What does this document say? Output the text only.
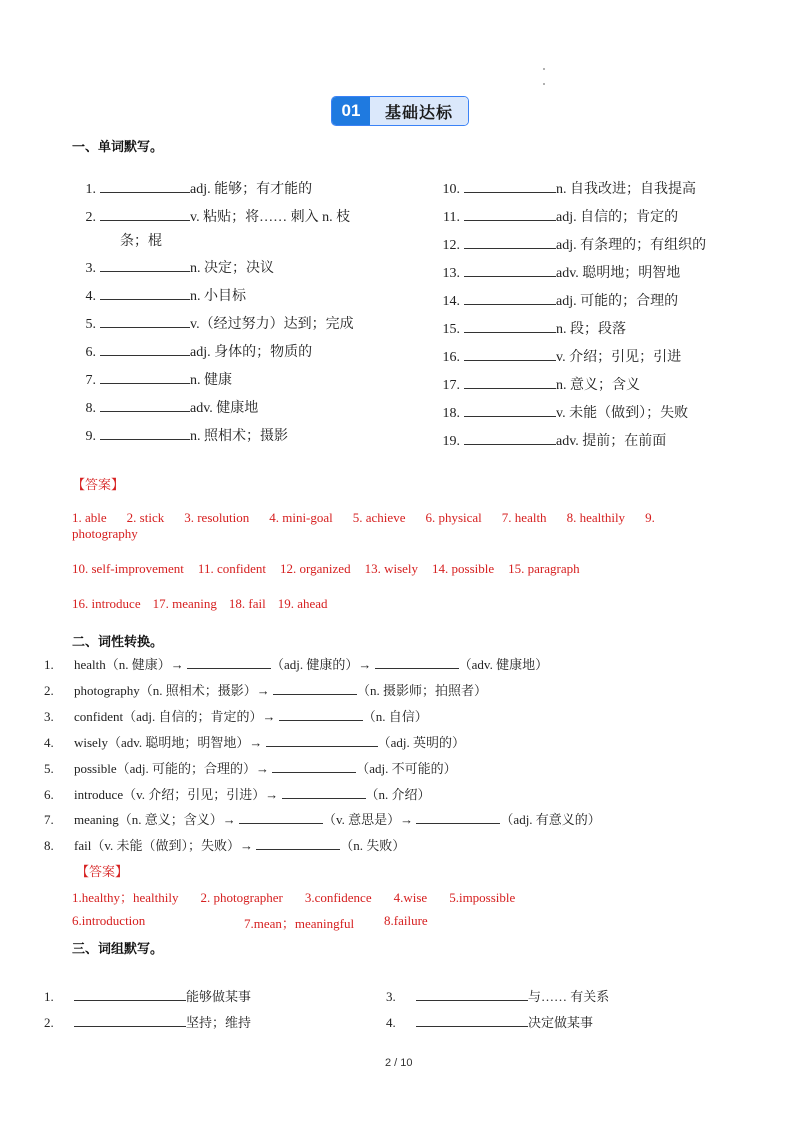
01	基础达标
一、单词默写。
1.	adj. 能够；有才能的
2.	v. 粘贴；将…… 刺入 n. 枝
条；棍
3.	n. 决定；决议
4.	n. 小目标
5.	v.（经过努力）达到；完成
6.	adj. 身体的；物质的
7.	n. 健康
8.	adv. 健康地
9.	n. 照相术；摄影
10.	n. 自我改进；自我提高
11.	adj. 自信的；肯定的
12.	adj. 有条理的；有组织的
13.	adv. 聪明地；明智地
14.	adj. 可能的；合理的
15.	n. 段；段落
16.	v. 介绍；引见；引进
17.	n. 意义；含义
18.	v. 未能（做到）；失败
19.	adv. 提前；在前面
【答案】
1. able 2. stick 3. resolution 4. mini-goal 5. achieve 6. physical 7. health 8. healthily 9.
photography
10. self-improvement 11. confident 12. organized 13. wisely 14. possible 15. paragraph
16. introduce 17. meaning 18. fail 19. ahead
二、词性转换。
1. health（n. 健康）→	（adj. 健康的）→	（adv. 健康地）
2. photography（n. 照相术；摄影）→	（n. 摄影师；拍照者）
3. confident（adj. 自信的；肯定的）→	（n. 自信）
4. wisely（adv. 聪明地；明智地）→	（adj. 英明的）
5. possible（adj. 可能的；合理的）→	（adj. 不可能的）
6. introduce（v. 介绍；引见；引进）→	（n. 介绍）
7. meaning（n. 意义；含义）→	（v. 意思是）→	（adj. 有意义的）
8. fail（v. 未能（做到）；失败）→	（n. 失败）
【答案】
1.healthy；healthily 2. photographer 3.confidence 4.wise 5.impossible
6.introduction	7.mean；meaningful 8.failure
三、词组默写。
1.	能够做某事	3.	与…… 有关系
2.	坚持；维持	4.	决定做某事
2 / 10
